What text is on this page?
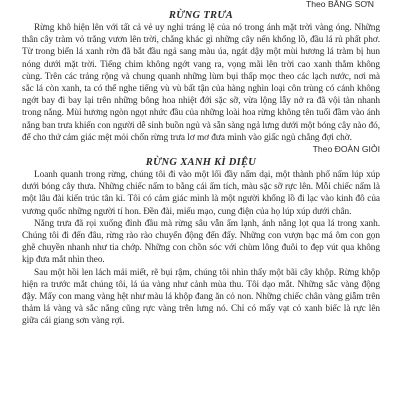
Theo BĂNG SƠN

RỪNG TRƯA

Rừng khô hiện lên với tất cả vẻ uy nghi tráng lệ của nó trong ánh mặt trời vàng óng. Những thân cây tràm vỏ trắng vươn lên trời, chẳng khác gì những cây nến khổng lồ, đầu lá rủ phất phơ. Từ trong biển lá xanh rờn đã bắt đầu ngả sang màu úa, ngát dậy một mùi hương lá tràm bị hun nóng dưới mặt trời. Tiếng chim không ngớt vang ra, vọng mãi lên trời cao xanh thẳm không cùng. Trên các trảng rộng và chung quanh những lùm bụi thấp mọc theo các lạch nước, nơi mà sắc lá còn xanh, ta có thể nghe tiếng vù vù bất tận của hàng nghìn loại côn trùng có cánh không ngớt bay đi bay lại trên những bông hoa nhiệt đới sặc sỡ, vừa lộng lẫy nở ra đã vội tàn nhanh trong nắng. Mùi hương ngòn ngọt nhức đầu của những loài hoa rừng không tên tuổi đầm vào ánh nắng ban trưa khiến con người dễ sinh buồn ngủ và sẵn sàng ngả lưng dưới một bóng cây nào đó, để cho thứ cảm giác mệt mỏi chốn rừng trưa lơ mơ đưa mình vào giấc ngủ chẳng đợi chờ.

Theo ĐOÀN GIỎI

RỪNG XANH KÌ DIỆU

Loanh quanh trong rừng, chúng tôi đi vào một lối đầy nấm dại, một thành phố nấm lúp xúp dưới bóng cây thưa. Những chiếc nấm to bằng cái ấm tích, màu sặc sỡ rực lên. Mỗi chiếc nấm là một lâu đài kiến trúc tân kì. Tôi có cảm giác mình là một người khổng lồ đi lạc vào kinh đô của vương quốc những người tí hon. Đền đài, miếu mạo, cung điện của họ lúp xúp dưới chân.

Nắng trưa đã rọi xuống đỉnh đầu mà rừng sâu vẫn ẩm lạnh, ánh nắng lọt qua lá trong xanh. Chúng tôi đi đến đâu, rừng rào rào chuyển động đến đấy. Những con vượn bạc má ôm con gọn ghẽ chuyền nhanh như tia chớp. Những con chồn sóc với chùm lông đuôi to đẹp vút qua không kịp đưa mắt nhìn theo.

Sau một hồi len lách mải miết, rẽ bụi rậm, chúng tôi nhìn thấy một bãi cây khộp. Rừng khộp hiện ra trước mắt chúng tôi, lá úa vàng như cảnh mùa thu. Tôi dạo mắt. Những sắc vàng động đậy. Mấy con mang vàng hệt như màu lá khộp đang ăn cỏ non. Những chiếc chân vàng giẫm trên thảm lá vàng và sắc nắng cũng rực vàng trên lưng nó. Chỉ có mấy vạt cỏ xanh biếc là rực lên giữa cái giang sơn vàng rợi.
